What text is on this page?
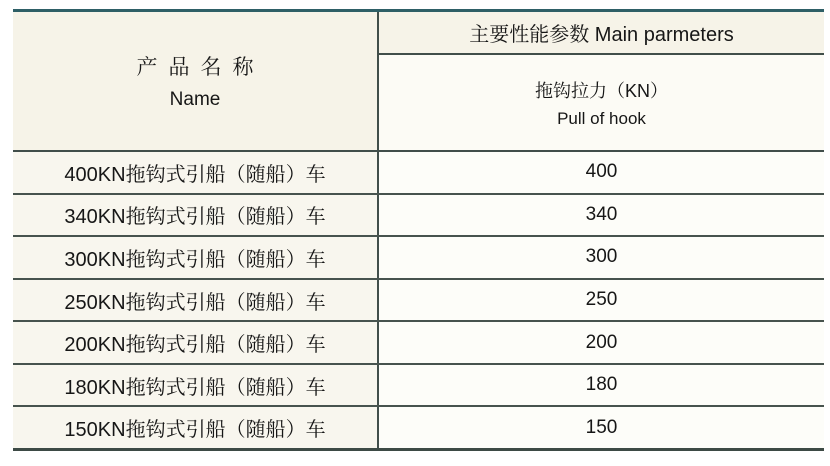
产品名称
Name
主要性能参数 Main parmeters
拖钩拉力（KN）
Pull of hook
400KN拖钩式引船（随船）车	400
340KN拖钩式引船（随船）车	340
300KN拖钩式引船（随船）车	300
250KN拖钩式引船（随船）车	250
200KN拖钩式引船（随船）车	200
180KN拖钩式引船（随船）车	180
150KN拖钩式引船（随船）车	150
